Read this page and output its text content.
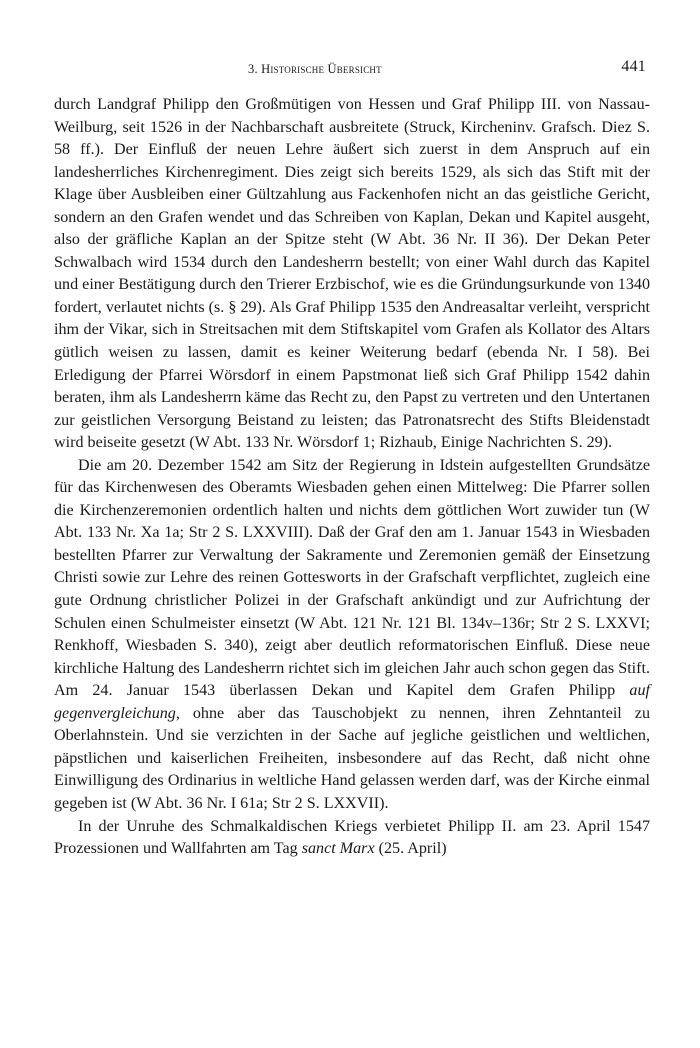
3. Historische Übersicht	441

durch Landgraf Philipp den Großmütigen von Hessen und Graf Philipp III. von Nassau-Weilburg, seit 1526 in der Nachbarschaft ausbreitete (Struck, Kircheninv. Grafsch. Diez S. 58 ff.). Der Einfluß der neuen Lehre äußert sich zuerst in dem Anspruch auf ein landesherrliches Kirchenregiment. Dies zeigt sich bereits 1529, als sich das Stift mit der Klage über Ausbleiben einer Gültzahlung aus Fackenhofen nicht an das geistliche Gericht, sondern an den Grafen wendet und das Schreiben von Kaplan, Dekan und Kapitel ausgeht, also der gräfliche Kaplan an der Spitze steht (W Abt. 36 Nr. II 36). Der Dekan Peter Schwalbach wird 1534 durch den Landesherrn bestellt; von einer Wahl durch das Kapitel und einer Bestätigung durch den Trierer Erzbischof, wie es die Gründungsurkunde von 1340 fordert, verlautet nichts (s. § 29). Als Graf Philipp 1535 den Andreasaltar verleiht, verspricht ihm der Vikar, sich in Streitsachen mit dem Stiftskapitel vom Grafen als Kollator des Altars gütlich weisen zu lassen, damit es keiner Weiterung bedarf (ebenda Nr. I 58). Bei Erledigung der Pfarrei Wörsdorf in einem Papstmonat ließ sich Graf Philipp 1542 dahin beraten, ihm als Landesherrn käme das Recht zu, den Papst zu vertreten und den Untertanen zur geistlichen Versorgung Beistand zu leisten; das Patronatsrecht des Stifts Bleidenstadt wird beiseite gesetzt (W Abt. 133 Nr. Wörsdorf 1; Rizhaub, Einige Nachrichten S. 29).

Die am 20. Dezember 1542 am Sitz der Regierung in Idstein aufgestellten Grundsätze für das Kirchenwesen des Oberamts Wiesbaden gehen einen Mittelweg: Die Pfarrer sollen die Kirchenzeremonien ordentlich halten und nichts dem göttlichen Wort zuwider tun (W Abt. 133 Nr. Xa 1a; Str 2 S. LXXVIII). Daß der Graf den am 1. Januar 1543 in Wiesbaden bestellten Pfarrer zur Verwaltung der Sakramente und Zeremonien gemäß der Einsetzung Christi sowie zur Lehre des reinen Gottesworts in der Grafschaft verpflichtet, zugleich eine gute Ordnung christlicher Polizei in der Grafschaft ankündigt und zur Aufrichtung der Schulen einen Schulmeister einsetzt (W Abt. 121 Nr. 121 Bl. 134v–136r; Str 2 S. LXXVI; Renkhoff, Wiesbaden S. 340), zeigt aber deutlich reformatorischen Einfluß. Diese neue kirchliche Haltung des Landesherrn richtet sich im gleichen Jahr auch schon gegen das Stift. Am 24. Januar 1543 überlassen Dekan und Kapitel dem Grafen Philipp auf gegenvergleichung, ohne aber das Tauschobjekt zu nennen, ihren Zehntanteil zu Oberlahnstein. Und sie verzichten in der Sache auf jegliche geistlichen und weltlichen, päpstlichen und kaiserlichen Freiheiten, insbesondere auf das Recht, daß nicht ohne Einwilligung des Ordinarius in weltliche Hand gelassen werden darf, was der Kirche einmal gegeben ist (W Abt. 36 Nr. I 61a; Str 2 S. LXXVII).

In der Unruhe des Schmalkaldischen Kriegs verbietet Philipp II. am 23. April 1547 Prozessionen und Wallfahrten am Tag sanct Marx (25. April)
